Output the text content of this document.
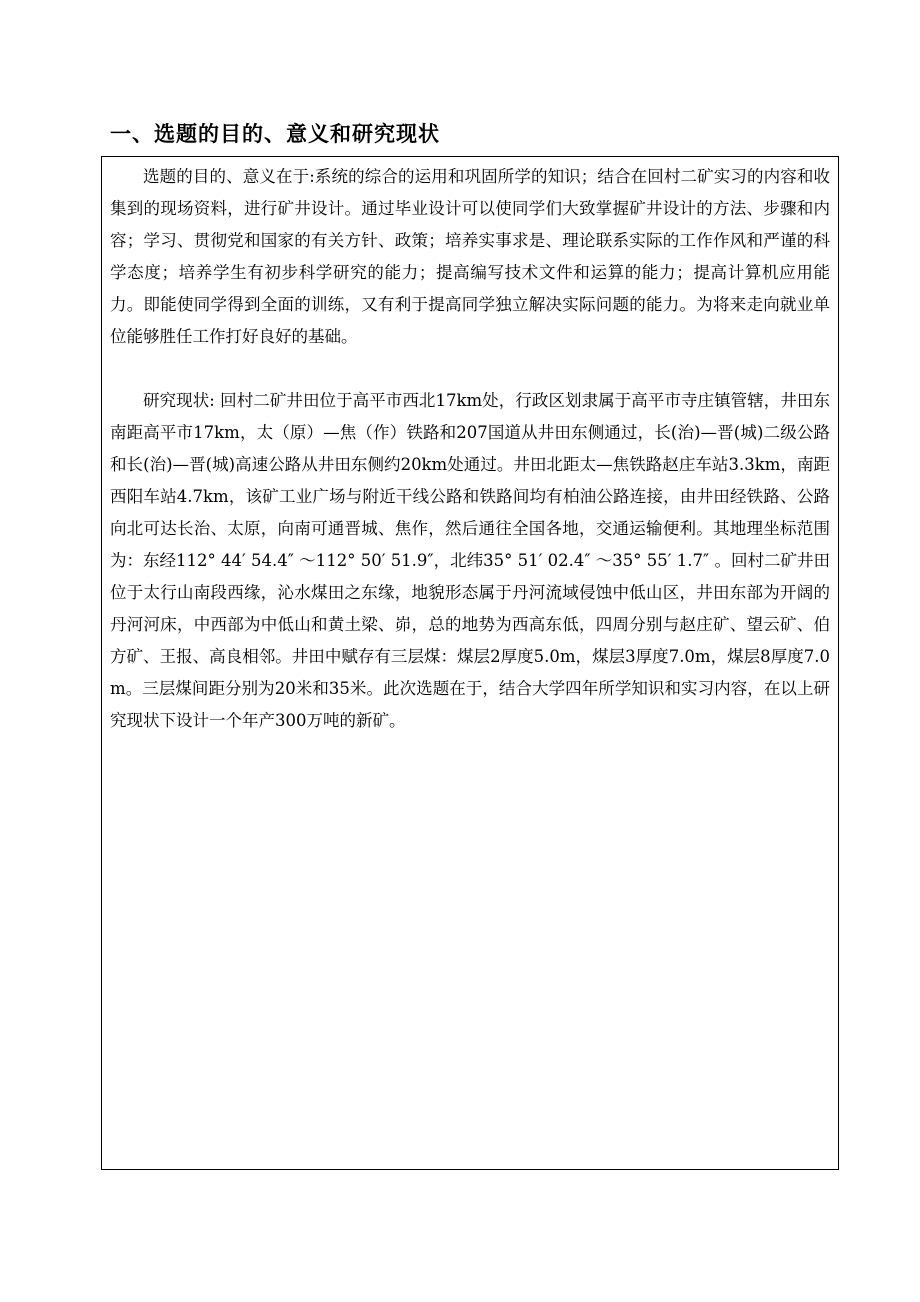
一、选题的目的、意义和研究现状

选题的目的、意义在于:系统的综合的运用和巩固所学的知识；结合在回村二矿实习的内容和收集到的现场资料，进行矿井设计。通过毕业设计可以使同学们大致掌握矿井设计的方法、步骤和内容；学习、贯彻党和国家的有关方针、政策；培养实事求是、理论联系实际的工作作风和严谨的科学态度；培养学生有初步科学研究的能力；提高编写技术文件和运算的能力；提高计算机应用能力。即能使同学得到全面的训练，又有利于提高同学独立解决实际问题的能力。为将来走向就业单位能够胜任工作打好良好的基础。

研究现状: 回村二矿井田位于高平市西北17km处，行政区划隶属于高平市寺庄镇管辖，井田东南距高平市17km，太（原）—焦（作）铁路和207国道从井田东侧通过，长(治)—晋(城)二级公路和长(治)—晋(城)高速公路从井田东侧约20km处通过。井田北距太—焦铁路赵庄车站3.3km，南距西阳车站4.7km，该矿工业广场与附近干线公路和铁路间均有柏油公路连接，由井田经铁路、公路向北可达长治、太原，向南可通晋城、焦作，然后通往全国各地，交通运输便利。其地理坐标范围为：东经112° 44′ 54.4″ ～112° 50′ 51.9″，北纬35° 51′ 02.4″ ～35° 55′ 1.7″ 。回村二矿井田位于太行山南段西缘，沁水煤田之东缘，地貌形态属于丹河流域侵蚀中低山区，井田东部为开阔的丹河河床，中西部为中低山和黄土梁、峁，总的地势为西高东低，四周分别与赵庄矿、望云矿、伯方矿、王报、高良相邻。井田中赋存有三层煤：煤层2厚度5.0m，煤层3厚度7.0m，煤层8厚度7.0 m。三层煤间距分别为20米和35米。此次选题在于，结合大学四年所学知识和实习内容，在以上研究现状下设计一个年产300万吨的新矿。
